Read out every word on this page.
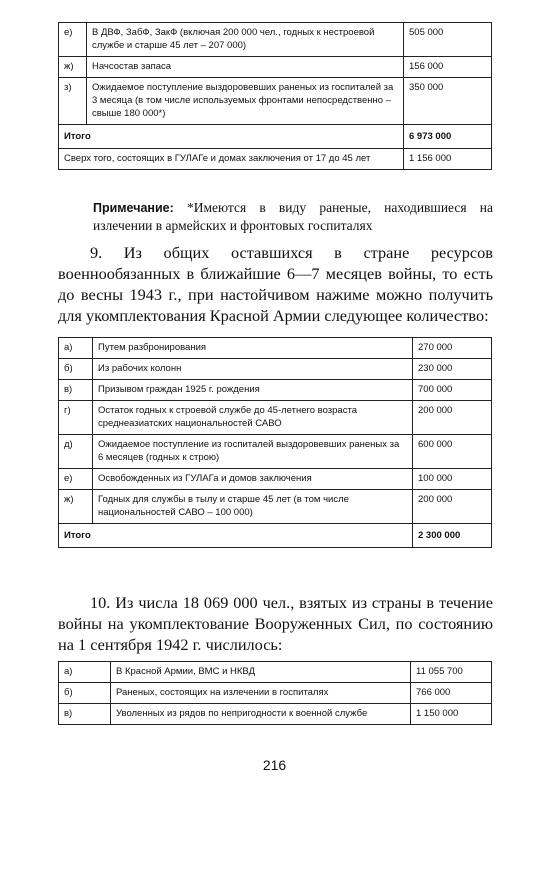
е)	В ДВФ, ЗабФ, ЗакФ (включая 200 000 чел., годных к нестроевой службе и старше 45 лет – 207 000)	505 000
ж)	Начсостав запаса	156 000
з)	Ожидаемое поступление выздоровевших раненых из госпиталей за 3 месяца (в том числе используемых фронтами непосредственно – свыше 180 000*)	350 000
Итого		6 973 000
Сверх того, состоящих в ГУЛАГе и домах заключения от 17 до 45 лет		1 156 000
Примечание: *Имеются в виду раненые, находившиеся на излечении в армейских и фронтовых госпиталях

9. Из общих оставшихся в стране ресурсов военнообязанных в ближайшие 6—7 месяцев войны, то есть до весны 1943 г., при настойчивом нажиме можно получить для укомплектования Красной Армии следующее количество:

а)	Путем разбронирования	270 000
б)	Из рабочих колонн	230 000
в)	Призывом граждан 1925 г. рождения	700 000
г)	Остаток годных к строевой службе до 45-летнего возраста среднеазиатских национальностей САВО	200 000
д)	Ожидаемое поступление из госпиталей выздоровевших раненых за 6 месяцев (годных к строю)	600 000
е)	Освобожденных из ГУЛАГа и домов заключения	100 000
ж)	Годных для службы в тылу и старше 45 лет (в том числе национальностей САВО – 100 000)	200 000
Итого		2 300 000

10. Из числа 18 069 000 чел., взятых из страны в течение войны на укомплектование Вооруженных Сил, по состоянию на 1 сентября 1942 г. числилось:

а)	В Красной Армии, ВМС и НКВД	11 055 700
б)	Раненых, состоящих на излечении в госпиталях	766 000
в)	Уволенных из рядов по непригодности к военной службе	1 150 000
216
